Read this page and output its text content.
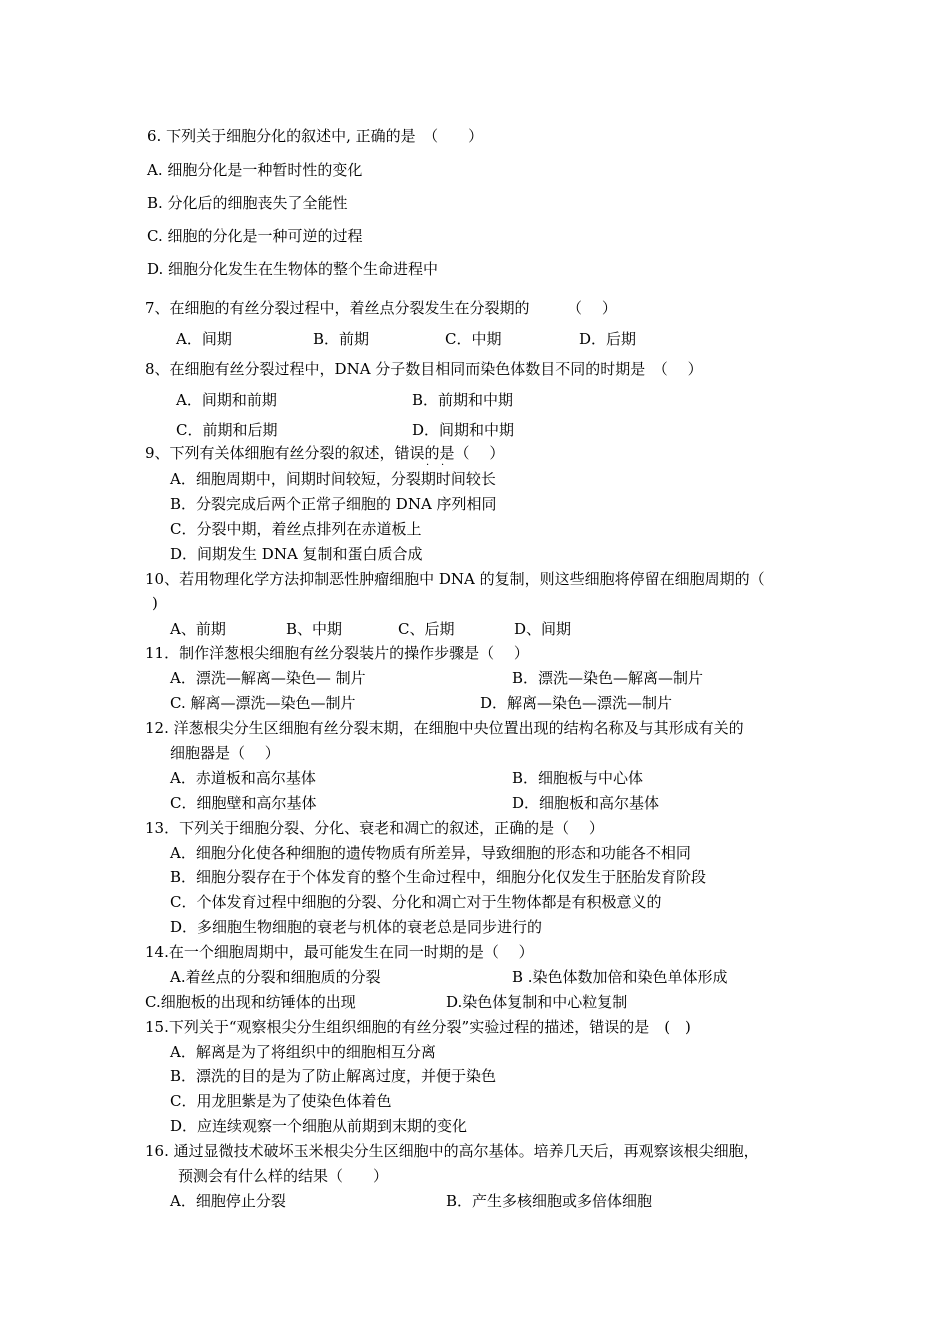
6. 下列关于细胞分化的叙述中, 正确的是　（　　）
A. 细胞分化是一种暂时性的变化
B. 分化后的细胞丧失了全能性
C. 细胞的分化是一种可逆的过程
D. 细胞分化发生在生物体的整个生命进程中
7、在细胞的有丝分裂过程中，着丝点分裂发生在分裂期的　　　（　 ）
A．间期	B．前期	C．中期	D．后期
8、在细胞有丝分裂过程中，DNA 分子数目相同而染色体数目不同的时期是　（　 ）
A．间期和前期	B．前期和中期
C．前期和后期	D．间期和中期
9、下列有关体细胞有丝分裂的叙述，错误的是（　 ）
· ·
A．细胞周期中，间期时间较短，分裂期时间较长
B．分裂完成后两个正常子细胞的 DNA 序列相同
C．分裂中期，着丝点排列在赤道板上
D．间期发生 DNA 复制和蛋白质合成
10、若用物理化学方法抑制恶性肿瘤细胞中 DNA 的复制，则这些细胞将停留在细胞周期的（
)
A、前期	B、中期	C、后期	D、间期
11．制作洋葱根尖细胞有丝分裂装片的操作步骤是（　 ）
A．漂洗—解离—染色— 制片	B．漂洗—染色—解离—制片
C. 解离—漂洗—染色—制片	D．解离—染色—漂洗—制片
12. 洋葱根尖分生区细胞有丝分裂末期，在细胞中央位置出现的结构名称及与其形成有关的
细胞器是（　 ）
A．赤道板和高尔基体	B．细胞板与中心体
C．细胞壁和高尔基体	D．细胞板和高尔基体
13．下列关于细胞分裂、分化、衰老和凋亡的叙述，正确的是（　 ）
A．细胞分化使各种细胞的遗传物质有所差异，导致细胞的形态和功能各不相同
B．细胞分裂存在于个体发育的整个生命过程中，细胞分化仅发生于胚胎发育阶段
C．个体发育过程中细胞的分裂、分化和凋亡对于生物体都是有积极意义的
D．多细胞生物细胞的衰老与机体的衰老总是同步进行的
14.在一个细胞周期中，最可能发生在同一时期的是（　 ）
A.着丝点的分裂和细胞质的分裂	B .染色体数加倍和染色单体形成
C.细胞板的出现和纺锤体的出现	D.染色体复制和中心粒复制
15.下列关于“观察根尖分生组织细胞的有丝分裂”实验过程的描述，错误的是　(　)
A．解离是为了将组织中的细胞相互分离
B．漂洗的目的是为了防止解离过度，并便于染色
C．用龙胆紫是为了使染色体着色
D．应连续观察一个细胞从前期到末期的变化
16. 通过显微技术破坏玉米根尖分生区细胞中的高尔基体。培养几天后，再观察该根尖细胞，
预测会有什么样的结果（　　）
A．细胞停止分裂	B．产生多核细胞或多倍体细胞
